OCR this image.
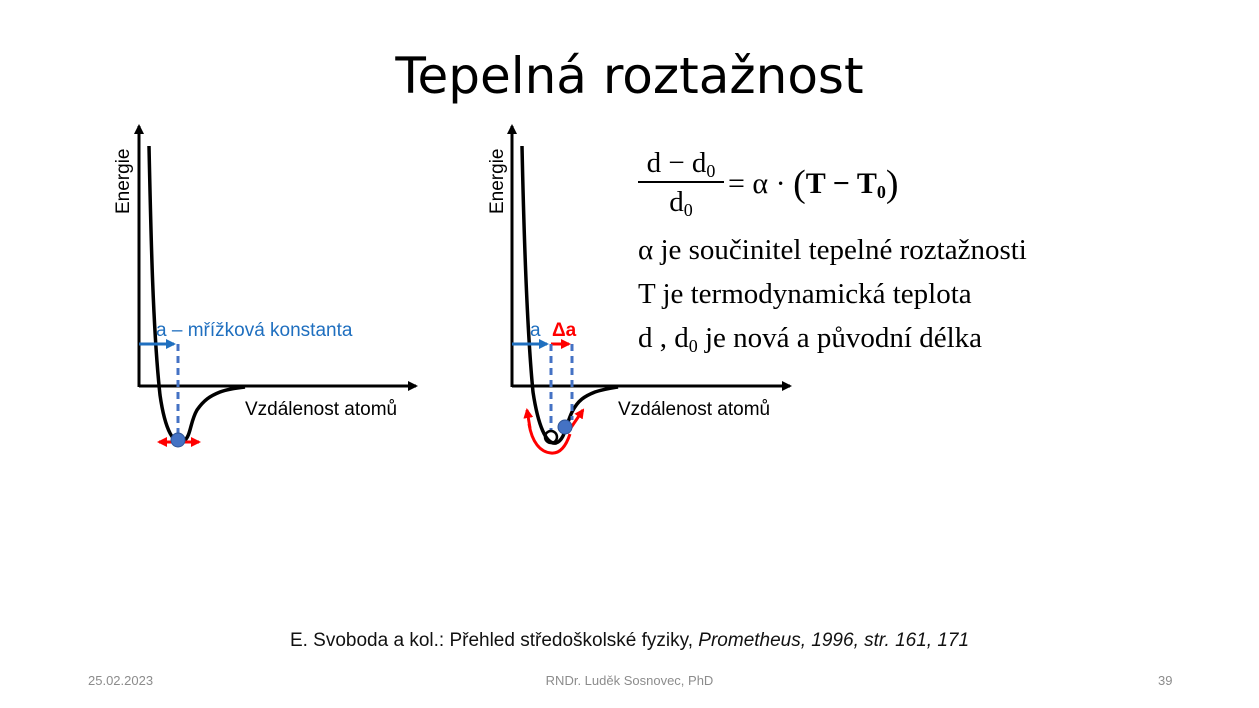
Tepelná roztažnost
Energie
Vzdálenost atomů
a – mřížková konstanta
Energie
Vzdálenost atomů
a Δa
$d - d_0$
$d_0$
= $\alpha \cdot (T - T_0)$
α je součinitel tepelné roztažnosti
T je termodynamická teplota
d , $d_0$ je nová a původní délka
E. Svoboda a kol.: Přehled středoškolské fyziky, Prometheus, 1996, str. 161, 171
25.02.2023	RNDr. Luděk Sosnovec, PhD	39
